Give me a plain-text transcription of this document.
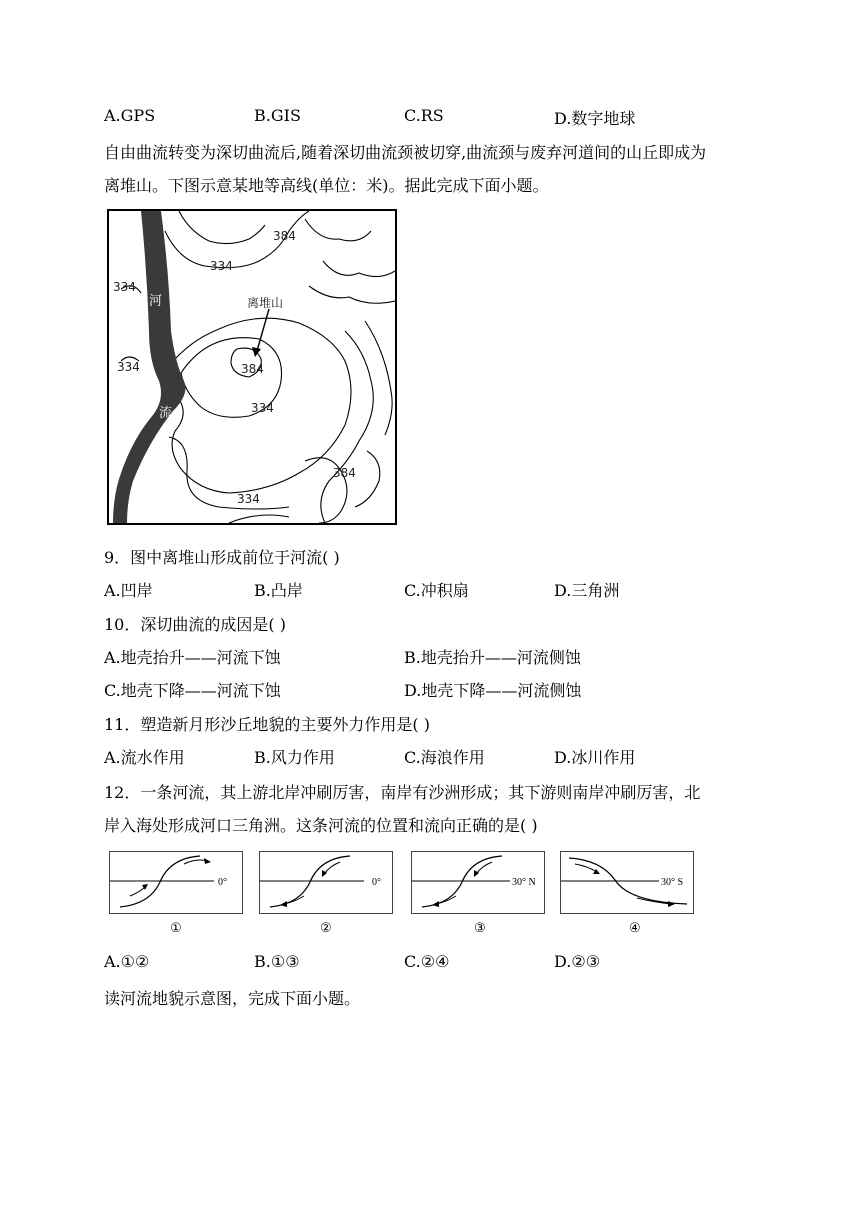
A.GPS	B.GIS	C.RS	D.数字地球
自由曲流转变为深切曲流后,随着深切曲流颈被切穿,曲流颈与废弃河道间的山丘即成为
离堆山。下图示意某地等高线(单位：米)。据此完成下面小题。
384
334
334
334	384
334
384
334
离堆山
河
流
9．图中离堆山形成前位于河流( )
A.凹岸	B.凸岸	C.冲积扇	D.三角洲
10．深切曲流的成因是( )
A.地壳抬升——河流下蚀	B.地壳抬升——河流侧蚀
C.地壳下降——河流下蚀	D.地壳下降——河流侧蚀
11．塑造新月形沙丘地貌的主要外力作用是( )
A.流水作用	B.风力作用	C.海浪作用	D.冰川作用
12．一条河流，其上游北岸冲刷厉害，南岸有沙洲形成；其下游则南岸冲刷厉害，北
岸入海处形成河口三角洲。这条河流的位置和流向正确的是( )
0°	0°	30° N	30° S
①	②	③	④
A.①②	B.①③	C.②④	D.②③
读河流地貌示意图，完成下面小题。
